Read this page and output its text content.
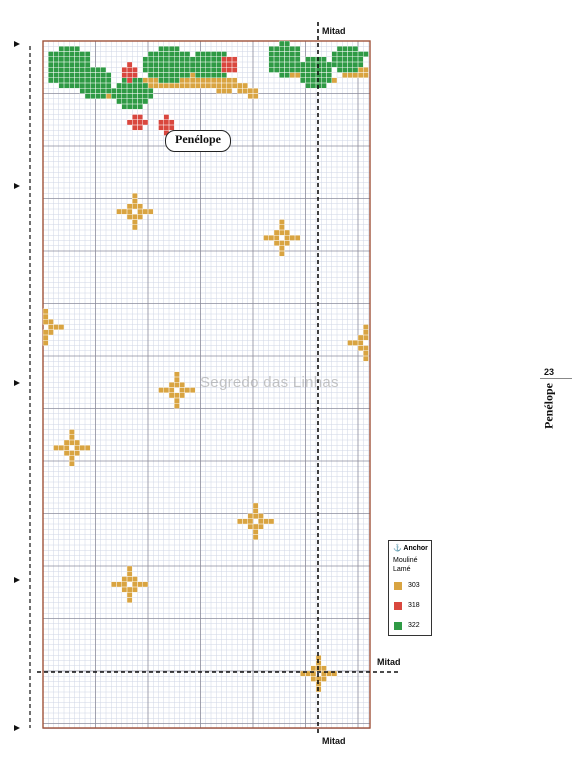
Penélope
Segredo das Linhas
Mitad
Mitad
Mitad
23
Penélope
⚓ Anchor
Mouliné
Lamé
303
318
322
